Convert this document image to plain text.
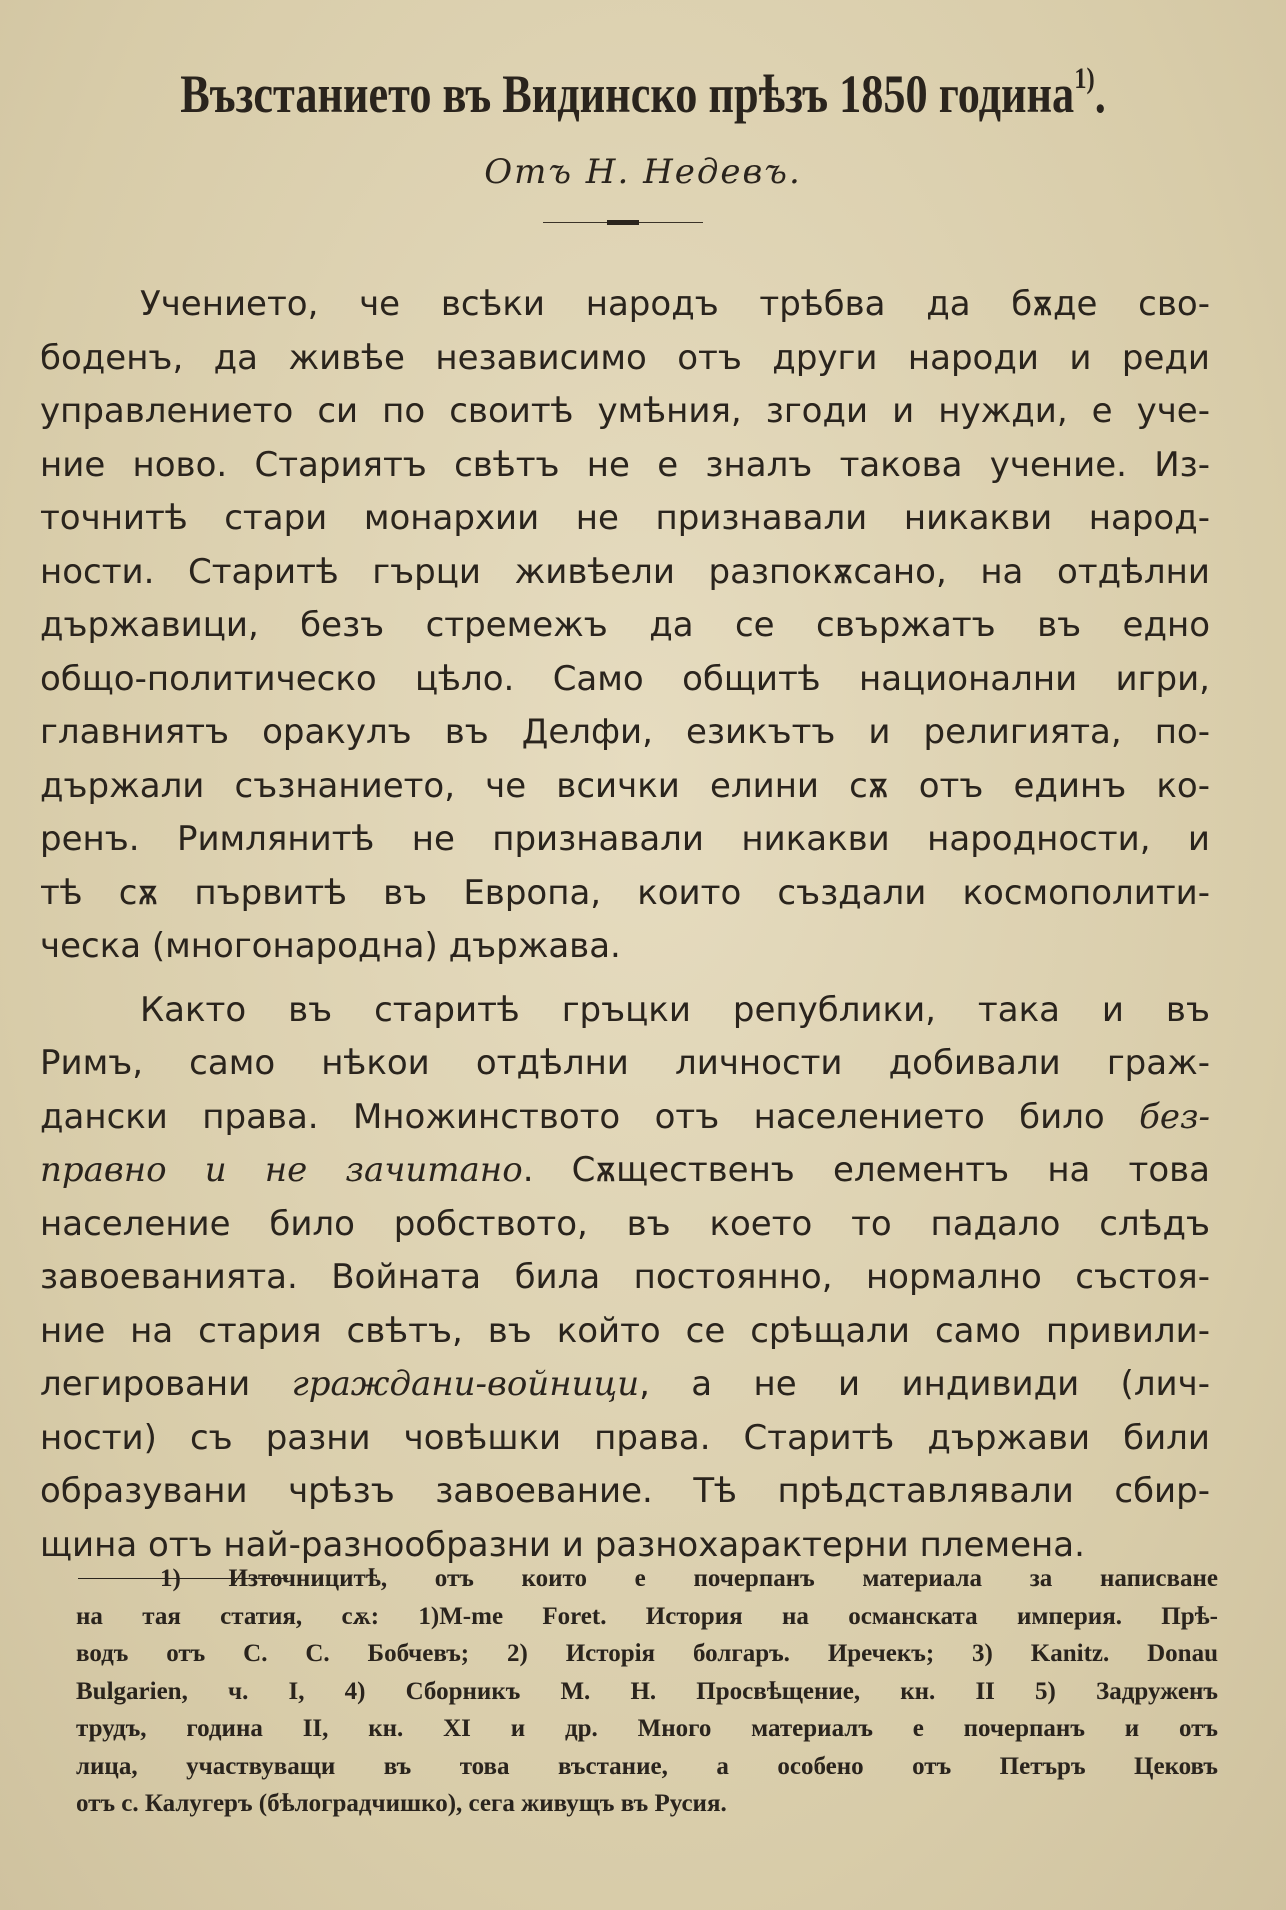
Възстанието въ Видинско прѣзъ 1850 година$^{1)}$.
Отъ Н. Недевъ.
Учението, че всѣки народъ трѣбва да бѫде сво-
боденъ, да живѣе независимо отъ други народи и реди
управлението си по своитѣ умѣния, згоди и нужди, е уче-
ние ново. Стариятъ свѣтъ не е зналъ такова учение. Из-
точнитѣ стари монархии не признавали никакви народ-
ности. Старитѣ гърци живѣели разпокѫсано, на отдѣлни
държавици, безъ стремежъ да се свържатъ въ едно
общо-политическо цѣло. Само общитѣ национални игри,
главниятъ оракулъ въ Делфи, езикътъ и религията, по-
държали съзнанието, че всички елини сѫ отъ единъ ко-
ренъ. Римлянитѣ не признавали никакви народности, и
тѣ сѫ първитѣ въ Европа, които създали космополити-
ческа (многонародна) държава.
Както въ старитѣ гръцки републики, така и въ
Римъ, само нѣкои отдѣлни личности добивали граж-
дански права. Множинството отъ населението било без-
правно и не зачитано. Сѫщественъ елементъ на това
население било робството, въ което то падало слѣдъ
завоеванията. Войната била постоянно, нормално състоя-
ние на стария свѣтъ, въ който се срѣщали само привили-
легировани граждани-войници, а не и индивиди (лич-
ности) съ разни човѣшки права. Старитѣ държави били
образувани чрѣзъ завоевание. Тѣ прѣдставлявали сбир-
щина отъ най-разнообразни и разнохарактерни племена.
1) Източницитѣ, отъ които е почерпанъ материала за написване
на тая статия, сѫ: 1)M-me Foret. История на османската империя. Прѣ-
водъ отъ С. С. Бобчевъ; 2) Исторія болгаръ. Иречекъ; 3) Kanitz. Donau
Bulgarien, ч. I, 4) Сборникъ М. Н. Просвѣщение, кн. II 5) Задруженъ
трудъ, година II, кн. XI и др. Много материалъ е почерпанъ и отъ
лица, участвуващи въ това въстание, а особено отъ Петъръ Цековъ
отъ с. Калугеръ (бѣлоградчишко), сега живущъ въ Русия.
